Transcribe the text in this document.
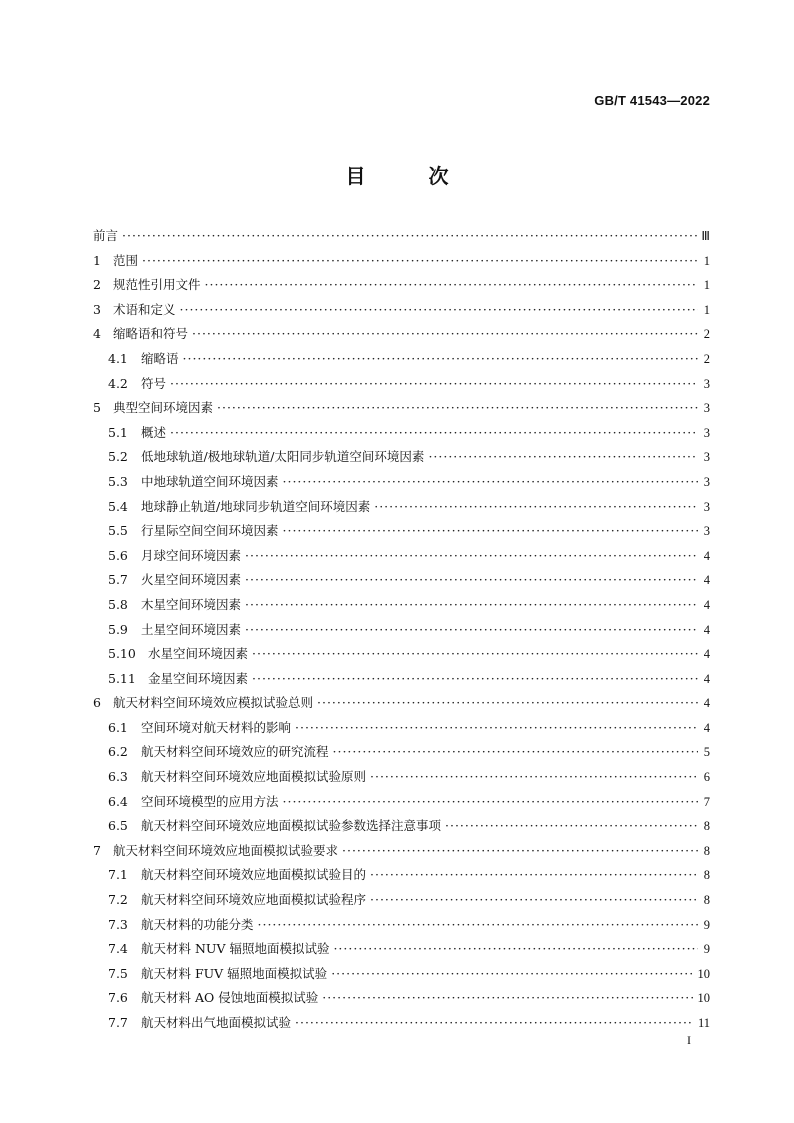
GB/T 41543—2022
目 次
前言 ·····	Ⅲ
1 范围 ·····	1
2 规范性引用文件 ·····	1
3 术语和定义 ·····	1
4 缩略语和符号 ·····	2
4.1	缩略语 ·····	2
4.2	符号 ·····	3
5 典型空间环境因素 ·····	3
5.1	概述 ·····	3
5.2	低地球轨道/极地球轨道/太阳同步轨道空间环境因素 ·····	3
5.3	中地球轨道空间环境因素 ·····	3
5.4	地球静止轨道/地球同步轨道空间环境因素 ·····	3
5.5	行星际空间空间环境因素 ·····	3
5.6	月球空间环境因素 ·····	4
5.7	火星空间环境因素 ·····	4
5.8	木星空间环境因素 ·····	4
5.9	土星空间环境因素 ·····	4
5.10 水星空间环境因素 ·····	4
5.11 金星空间环境因素 ·····	4
6 航天材料空间环境效应模拟试验总则 ·····	4
6.1	空间环境对航天材料的影响 ·····	4
6.2	航天材料空间环境效应的研究流程 ·····	5
6.3	航天材料空间环境效应地面模拟试验原则 ·····	6
6.4	空间环境模型的应用方法 ·····	7
6.5	航天材料空间环境效应地面模拟试验参数选择注意事项 ·····	8
7 航天材料空间环境效应地面模拟试验要求 ·····	8
7.1	航天材料空间环境效应地面模拟试验目的 ·····	8
7.2	航天材料空间环境效应地面模拟试验程序 ·····	8
7.3	航天材料的功能分类 ·····	9
7.4	航天材料 NUV 辐照地面模拟试验 ·····	9
7.5	航天材料 FUV 辐照地面模拟试验 ·····	10
7.6	航天材料 AO 侵蚀地面模拟试验 ·····	10
7.7	航天材料出气地面模拟试验 ·····	11
I
